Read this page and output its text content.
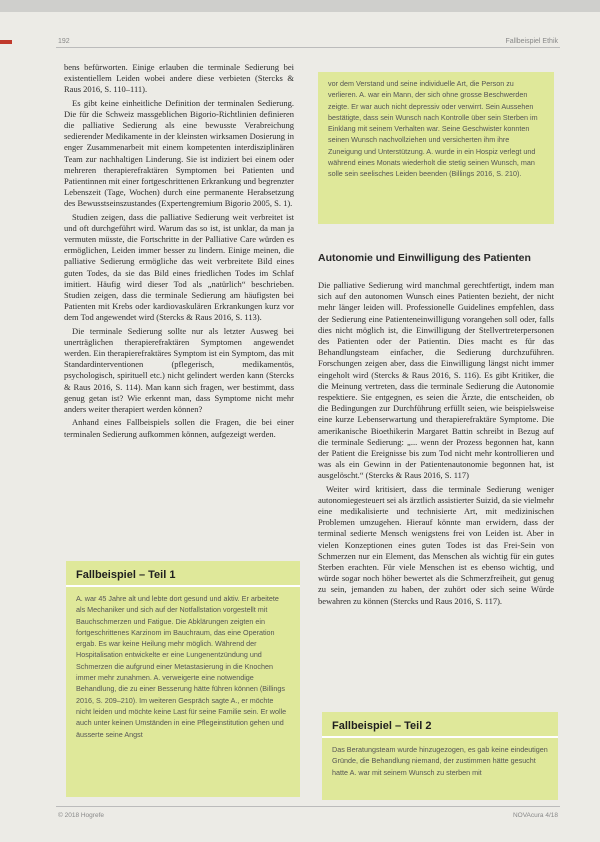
192	Fallbeispiel Ethik

bens befürworten. Einige erlauben die terminale Sedierung bei existentiellem Leiden wobei andere diese verbieten (Stercks & Raus 2016, S. 110–111).

Es gibt keine einheitliche Definition der terminalen Sedierung. Die für die Schweiz massgeblichen Bigorio-Richtlinien definieren die palliative Sedierung als eine bewusste Verabreichung sedierender Medikamente in der kleinsten wirksamen Dosierung in enger Zusammenarbeit mit einem kompetenten interdisziplinären Team zur nachhaltigen Linderung. Sie ist indiziert bei einem oder mehreren therapierefraktären Symptomen bei Patienten und Patientinnen mit einer fortgeschrittenen Erkrankung und begrenzter Lebenszeit (Tage, Wochen) durch eine permanente Herabsetzung des Bewusstseinszustandes (Expertengremium Bigorio 2005, S. 1).

Studien zeigen, dass die palliative Sedierung weit verbreitet ist und oft durchgeführt wird. Warum das so ist, ist unklar, da man ja vermuten müsste, die Fortschritte in der Palliative Care würden es ermöglichen, Leiden immer besser zu lindern. Einige meinen, die palliative Sedierung ermögliche das weit verbreitete Bild eines guten Todes, da sie das Bild eines friedlichen Todes im Schlaf imitiert. Häufig wird dieser Tod als „natürlich“ beschrieben. Studien zeigen, dass die terminale Sedierung am häufigsten bei Patienten mit Krebs oder kardiovaskulären Erkrankungen kurz vor dem Tod angewendet wird (Stercks & Raus 2016, S. 113).

Die terminale Sedierung sollte nur als letzter Ausweg bei unerträglichen therapierefraktären Symptomen angewendet werden. Ein therapierefraktäres Symptom ist ein Symptom, das mit Standardinterventionen (pflegerisch, medikamentös, psychologisch, spirituell etc.) nicht gelindert werden kann (Stercks & Raus 2016, S. 114). Man kann sich fragen, wer bestimmt, dass genug getan ist? Wie erkennt man, dass Symptome nicht mehr anders weiter therapiert werden können?

Anhand eines Fallbeispiels sollen die Fragen, die bei einer terminalen Sedierung aufkommen können, aufgezeigt werden.

Fallbeispiel – Teil 1
A. war 45 Jahre alt und lebte dort gesund und aktiv. Er arbeitete als Mechaniker und sich auf der Notfallstation vorgestellt mit Bauchschmerzen und Fatigue. Die Abklärungen zeigten ein fortgeschrittenes Karzinom im Bauchraum, das eine Operation ergab. Es war keine Heilung mehr möglich. Während der Hospitalisation entwickelte er eine Lungenentzündung und Schmerzen die aufgrund einer Metastasierung in die Knochen immer mehr zunahmen. A. verweigerte eine notwendige Behandlung, die zu einer Besserung hätte führen können (Billings 2016, S. 209–210). Im weiteren Gespräch sagte A., er möchte nicht leiden und möchte keine Last für seine Familie sein. Er wolle auch unter keinen Umständen in eine Pflegeinstitution gehen und äusserte seine Angst
vor dem Verstand und seine individuelle Art, die Person zu verlieren. A. war ein Mann, der sich ohne grosse Beschwerden zeigte. Er war auch nicht depressiv oder verwirrt. Sein Aussehen bestätigte, dass sein Wunsch nach Kontrolle über sein Sterben im Einklang mit seinem Verhalten war. Seine Geschwister konnten seinen Wunsch nachvollziehen und versicherten ihm ihre Zuneigung und Unterstützung. A. wurde in ein Hospiz verlegt und während eines Monats wiederholt die stetig seinen Wunsch, man solle sein seelisches Leiden beenden (Billings 2016, S. 210).
Autonomie und Einwilligung des Patienten

Die palliative Sedierung wird manchmal gerechtfertigt, indem man sich auf den autonomen Wunsch eines Patienten bezieht, der nicht mehr länger leiden will. Professionelle Guidelines empfehlen, dass der Sedierung eine Patienteneinwilligung vorangehen soll oder, falls dies nicht möglich ist, die Einwilligung der Stellvertreterpersonen des Patienten oder der Patientin. Dies macht es für das Behandlungsteam einfacher, die Sedierung durchzuführen. Forschungen zeigen aber, dass die Einwilligung längst nicht immer eingeholt wird (Stercks & Raus 2016, S. 116). Es gibt Kritiker, die die Meinung vertreten, dass die terminale Sedierung die Autonomie respektiere. Sie entgegnen, es seien die Ärzte, die entscheiden, ob die Bedingungen zur Durchführung erfüllt seien, wie beispielsweise eine kurze Lebenserwartung und therapierefraktäre Symptome. Die amerikanische Bioethikerin Margaret Battin schreibt in Bezug auf die terminale Sedierung: „... wenn der Prozess begonnen hat, kann der Patient die Ereignisse bis zum Tod nicht mehr kontrollieren und was als ein Gewinn in der Patientenautonomie begonnen hat, ist ausgelöscht.“ (Stercks & Raus 2016, S. 117)

Weiter wird kritisiert, dass die terminale Sedierung weniger autonomiegesteuert sei als ärztlich assistierter Suizid, da sie vielmehr eine medikalisierte und technisierte Art, mit medizinischen Problemen umzugehen. Hierauf könnte man erwidern, dass der terminal sedierte Mensch wenigstens frei von Leiden ist. Aber in vielen Konzeptionen eines guten Todes ist das Frei-Sein von Schmerzen nur ein Element, das Menschen als wichtig für ein gutes Sterben erachten. Für viele Menschen ist es ebenso wichtig, und würde sogar noch höher bewertet als die Schmerzfreiheit, gut genug zu sein, jemanden zu haben, der zuhört oder sich seine Würde bewahren zu können (Stercks und Raus 2016, S. 117).

Fallbeispiel – Teil 2
Das Beratungsteam wurde hinzugezogen, es gab keine eindeutigen Gründe, die Behandlung niemand, der zustimmen hätte gesucht hatte A. war mit seinem Wunsch zu sterben mit
© 2018 Hogrefe	NOVAcura 4/18
